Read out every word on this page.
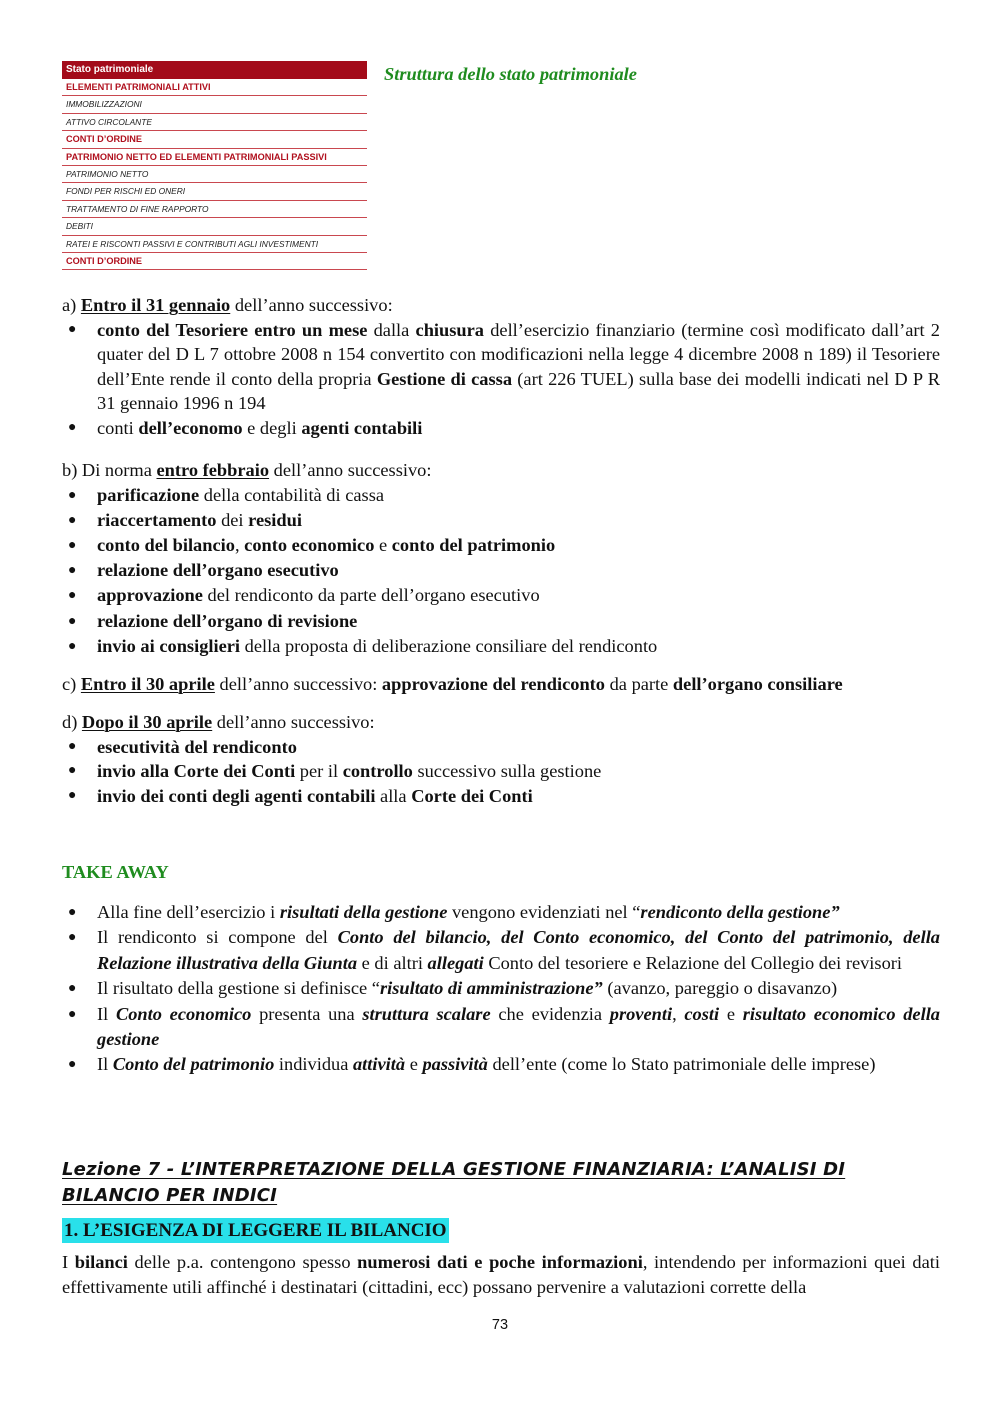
Stato patrimoniale
ELEMENTI PATRIMONIALI ATTIVI
IMMOBILIZZAZIONI
ATTIVO CIRCOLANTE
CONTI D’ORDINE
PATRIMONIO NETTO ED ELEMENTI PATRIMONIALI PASSIVI
PATRIMONIO NETTO
FONDI PER RISCHI ED ONERI
TRATTAMENTO DI FINE RAPPORTO
DEBITI
RATEI E RISCONTI PASSIVI E CONTRIBUTI AGLI INVESTIMENTI
CONTI D’ORDINE
Struttura dello stato patrimoniale

a) Entro il 31 gennaio dell’anno successivo:

● conto del Tesoriere entro un mese dalla chiusura dell’esercizio finanziario (termine così modificato dall’art 2 quater del D L 7 ottobre 2008 n 154 convertito con modificazioni nella legge 4 dicembre 2008 n 189) il Tesoriere dell’Ente rende il conto della propria Gestione di cassa (art 226 TUEL) sulla base dei modelli indicati nel D P R 31 gennaio 1996 n 194
● conti dell’economo e degli agenti contabili

b) Di norma entro febbraio dell’anno successivo:

● parificazione della contabilità di cassa
● riaccertamento dei residui
● conto del bilancio, conto economico e conto del patrimonio
● relazione dell’organo esecutivo
● approvazione del rendiconto da parte dell’organo esecutivo
● relazione dell’organo di revisione
● invio ai consiglieri della proposta di deliberazione consiliare del rendiconto

c) Entro il 30 aprile dell’anno successivo: approvazione del rendiconto da parte dell’organo consiliare

d) Dopo il 30 aprile dell’anno successivo:

● esecutività del rendiconto
● invio alla Corte dei Conti per il controllo successivo sulla gestione
● invio dei conti degli agenti contabili alla Corte dei Conti

TAKE AWAY

● Alla fine dell’esercizio i risultati della gestione vengono evidenziati nel “rendiconto della gestione”
● Il rendiconto si compone del Conto del bilancio, del Conto economico, del Conto del patrimonio, della Relazione illustrativa della Giunta e di altri allegati Conto del tesoriere e Relazione del Collegio dei revisori
● Il risultato della gestione si definisce “risultato di amministrazione” (avanzo, pareggio o disavanzo)
● Il Conto economico presenta una struttura scalare che evidenzia proventi, costi e risultato economico della gestione
● Il Conto del patrimonio individua attività e passività dell’ente (come lo Stato patrimoniale delle imprese)

Lezione 7 - L’INTERPRETAZIONE DELLA GESTIONE FINANZIARIA: L’ANALISI DI BILANCIO PER INDICI

1. L’ESIGENZA DI LEGGERE IL BILANCIO

I bilanci delle p.a. contengono spesso numerosi dati e poche informazioni, intendendo per informazioni quei dati effettivamente utili affinché i destinatari (cittadini, ecc) possano pervenire a valutazioni corrette della

73
